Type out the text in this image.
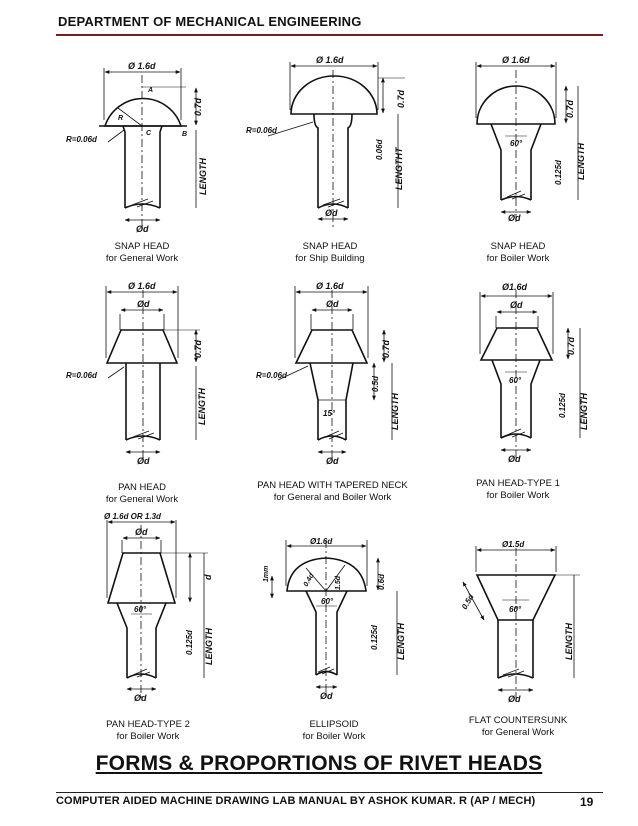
DEPARTMENT OF MECHANICAL ENGINEERING
Ø 1.6d
0.7d
R=0.06d
LENGTH
Ød
A
B
C
R
Ø 1.6d
0.7d
R=0.06d
0.06d LENGTHT
Ød
Ø 1.6d
0.7d
60°
0.125d LENGTH
Ød
Ø 1.6d
Ød
0.7d
R=0.06d
LENGTH
Ød
Ø 1.6d
Ød
0.7d
R=0.06d
0.5d
15°	LENGTH
Ød
Ø1.6d
Ød
0.7d
60°
0.125d LENGTH
Ød
Ø 1.6d OR 1.3d
Ød
d
60°
0.125d LENGTH
Ød
Ø1.6d
0.6d
1mm	0.4d	1.5d
60°
0.125d LENGTH
Ød
Ø1.5d
0.5d	60°
LENGTH
Ød
SNAP HEAD
for General Work
SNAP HEAD
for Ship Building
SNAP HEAD
for Boiler Work
PAN HEAD
for General Work
PAN HEAD WITH TAPERED NECK
for General and Boiler Work
PAN HEAD-TYPE 1
for Boiler Work
PAN HEAD-TYPE 2
for Boiler Work
ELLIPSOID
for Boiler Work
FLAT COUNTERSUNK
for General Work
FORMS & PROPORTIONS OF RIVET HEADS
COMPUTER AIDED MACHINE DRAWING LAB MANUAL BY ASHOK KUMAR. R (AP / MECH)	19
